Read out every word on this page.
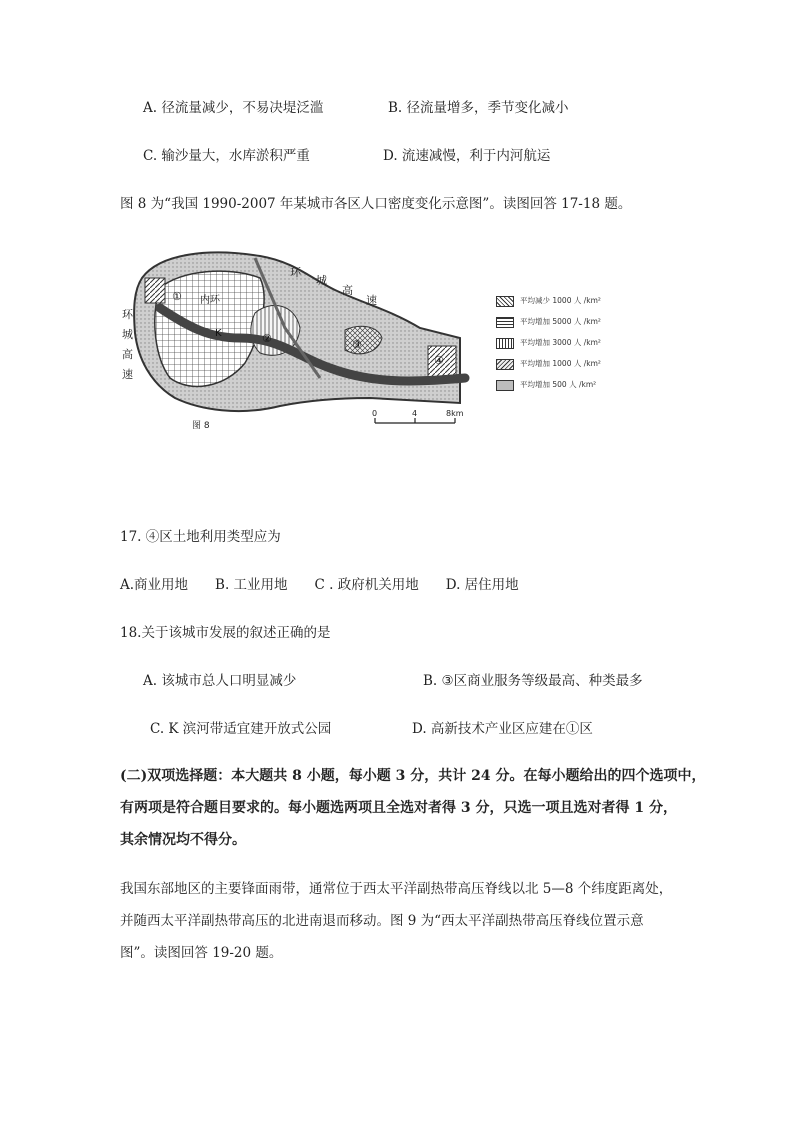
A. 径流量减少，不易决堤泛滥	B. 径流量增多，季节变化减小
C. 输沙量大，水库淤积严重	D. 流速减慢，利于内河航运
图 8 为“我国 1990-2007 年某城市各区人口密度变化示意图”。读图回答 17-18 题。
环
城
高
速
环
城
高
速
内环
①
②	③
④
K
图 8
0	4	8km
平均减少 1000 人 /km²
平均增加 5000 人 /km²
平均增加 3000 人 /km²
平均增加 1000 人 /km²
平均增加 500 人 /km²
17. ④区土地利用类型应为
A.商业用地　　B. 工业用地　　C . 政府机关用地　　D. 居住用地
18.关于该城市发展的叙述正确的是
A. 该城市总人口明显减少	B. ③区商业服务等级最高、种类最多
C. K 滨河带适宜建开放式公园	D. 高新技术产业区应建在①区
(二)双项选择题：本大题共 8 小题，每小题 3 分，共计 24 分。在每小题给出的四个选项中，
有两项是符合题目要求的。每小题选两项且全选对者得 3 分，只选一项且选对者得 1 分，
其余情况均不得分。
我国东部地区的主要锋面雨带，通常位于西太平洋副热带高压脊线以北 5—8 个纬度距离处，
并随西太平洋副热带高压的北进南退而移动。图 9 为“西太平洋副热带高压脊线位置示意
图”。读图回答 19-20 题。
